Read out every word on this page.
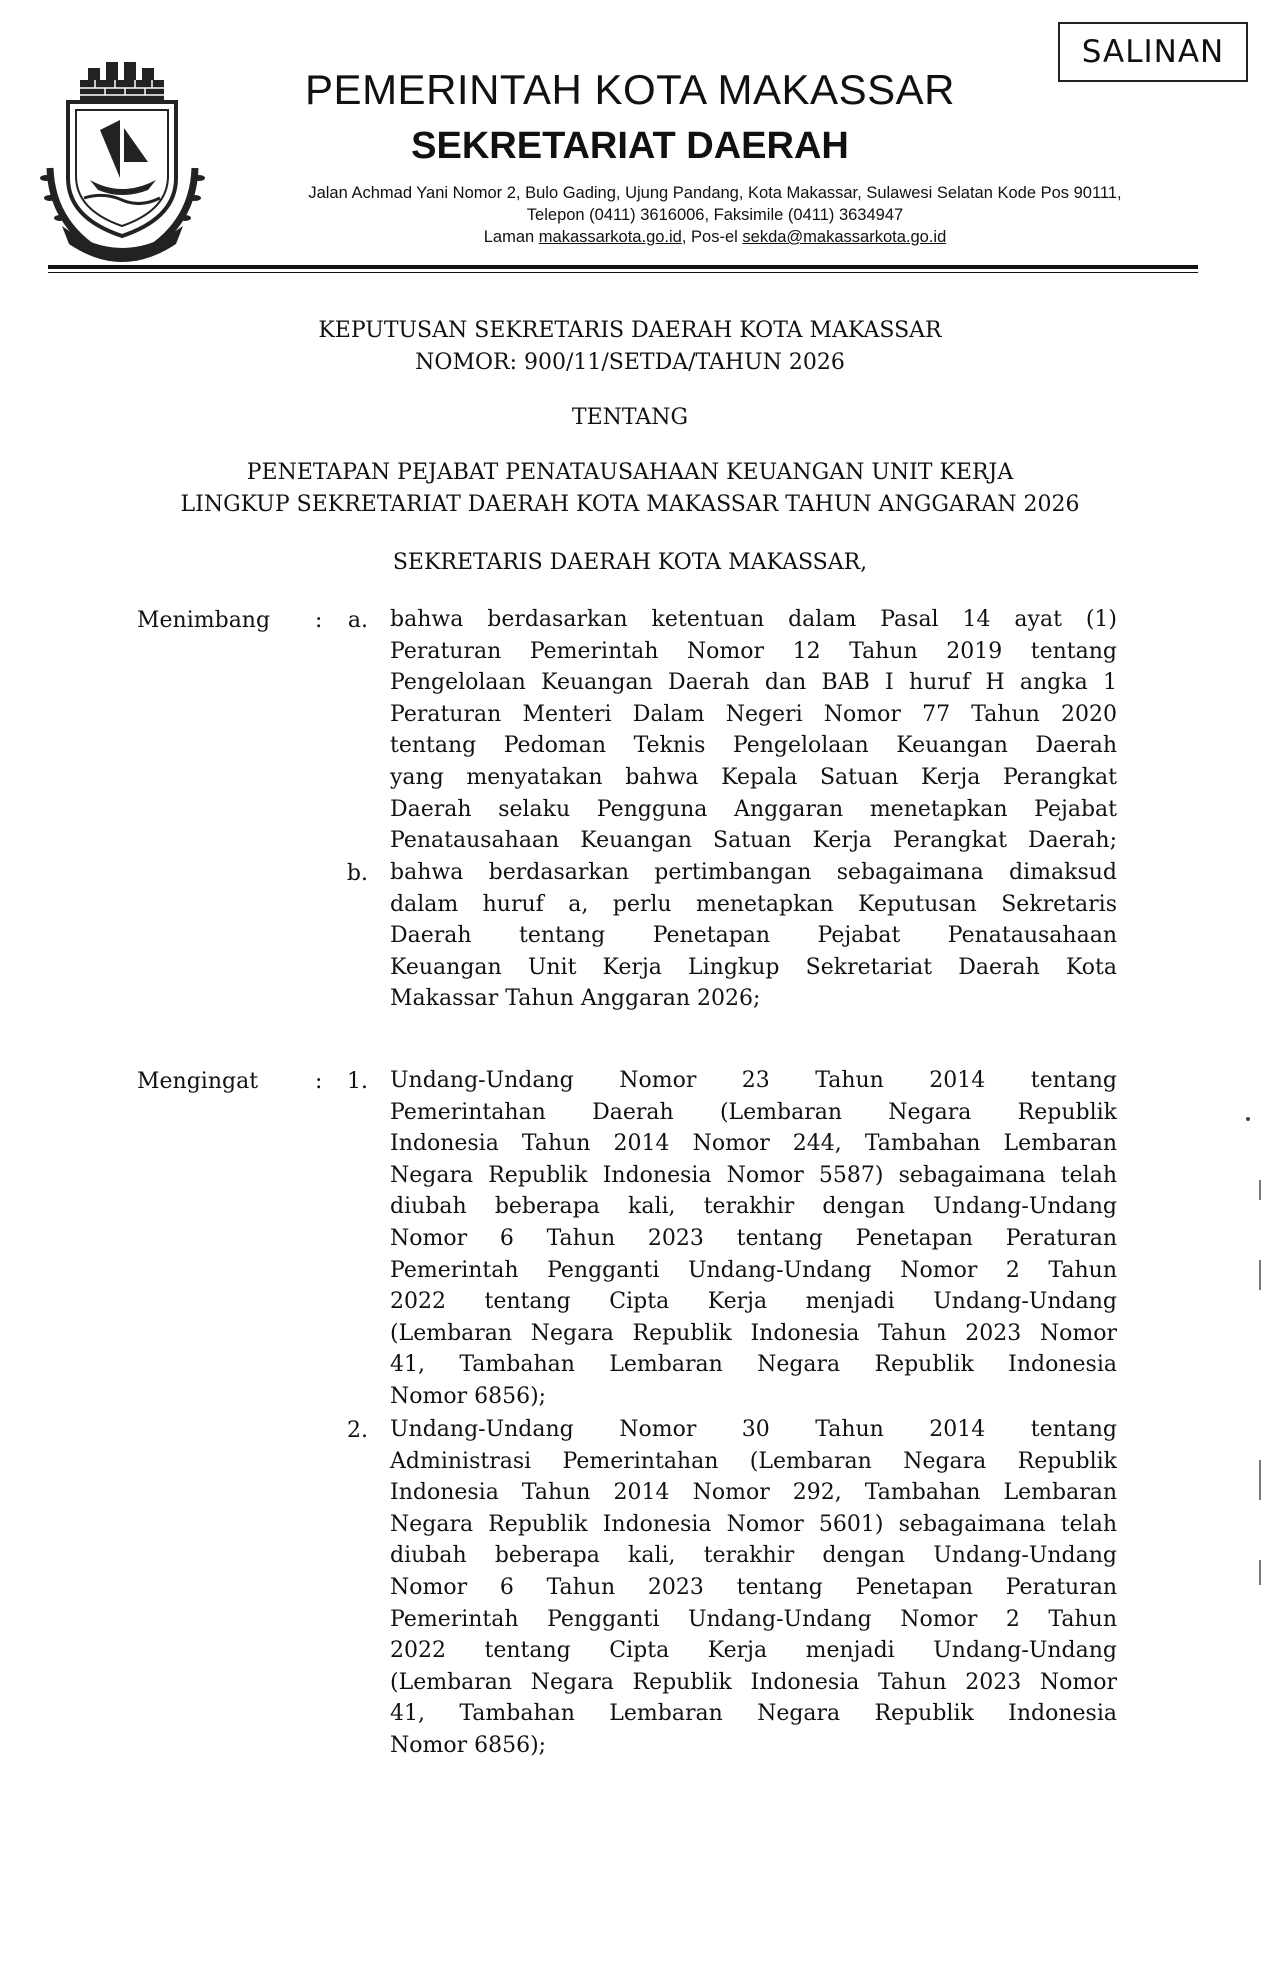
SALINAN
PEMERINTAH KOTA MAKASSAR
SEKRETARIAT DAERAH
Jalan Achmad Yani Nomor 2, Bulo Gading, Ujung Pandang, Kota Makassar, Sulawesi Selatan Kode Pos 90111,
Telepon (0411) 3616006, Faksimile (0411) 3634947
Laman makassarkota.go.id, Pos-el sekda@makassarkota.go.id
KEPUTUSAN SEKRETARIS DAERAH KOTA MAKASSAR
NOMOR: 900/11/SETDA/TAHUN 2026
TENTANG
PENETAPAN PEJABAT PENATAUSAHAAN KEUANGAN UNIT KERJA
LINGKUP SEKRETARIAT DAERAH KOTA MAKASSAR TAHUN ANGGARAN 2026
SEKRETARIS DAERAH KOTA MAKASSAR,
Menimbang :	a. bahwa berdasarkan ketentuan dalam Pasal 14 ayat (1)
Peraturan Pemerintah Nomor 12 Tahun 2019 tentang
Pengelolaan Keuangan Daerah dan BAB I huruf H angka 1
Peraturan Menteri Dalam Negeri Nomor 77 Tahun 2020
tentang Pedoman Teknis Pengelolaan Keuangan Daerah
yang menyatakan bahwa Kepala Satuan Kerja Perangkat
Daerah selaku Pengguna Anggaran menetapkan Pejabat
Penatausahaan Keuangan Satuan Kerja Perangkat Daerah;
b. bahwa berdasarkan pertimbangan sebagaimana dimaksud
dalam huruf a, perlu menetapkan Keputusan Sekretaris
Daerah tentang Penetapan Pejabat Penatausahaan
Keuangan Unit Kerja Lingkup Sekretariat Daerah Kota
Makassar Tahun Anggaran 2026;
Mengingat	:	1. Undang-Undang Nomor 23 Tahun 2014 tentang
Pemerintahan Daerah (Lembaran Negara Republik
Indonesia Tahun 2014 Nomor 244, Tambahan Lembaran
Negara Republik Indonesia Nomor 5587) sebagaimana telah
diubah beberapa kali, terakhir dengan Undang-Undang
Nomor 6 Tahun 2023 tentang Penetapan Peraturan
Pemerintah Pengganti Undang-Undang Nomor 2 Tahun
2022 tentang Cipta Kerja menjadi Undang-Undang
(Lembaran Negara Republik Indonesia Tahun 2023 Nomor
41, Tambahan Lembaran Negara Republik Indonesia
Nomor 6856);
2. Undang-Undang Nomor 30 Tahun 2014 tentang
Administrasi Pemerintahan (Lembaran Negara Republik
Indonesia Tahun 2014 Nomor 292, Tambahan Lembaran
Negara Republik Indonesia Nomor 5601) sebagaimana telah
diubah beberapa kali, terakhir dengan Undang-Undang
Nomor 6 Tahun 2023 tentang Penetapan Peraturan
Pemerintah Pengganti Undang-Undang Nomor 2 Tahun
2022 tentang Cipta Kerja menjadi Undang-Undang
(Lembaran Negara Republik Indonesia Tahun 2023 Nomor
41, Tambahan Lembaran Negara Republik Indonesia
Nomor 6856);
